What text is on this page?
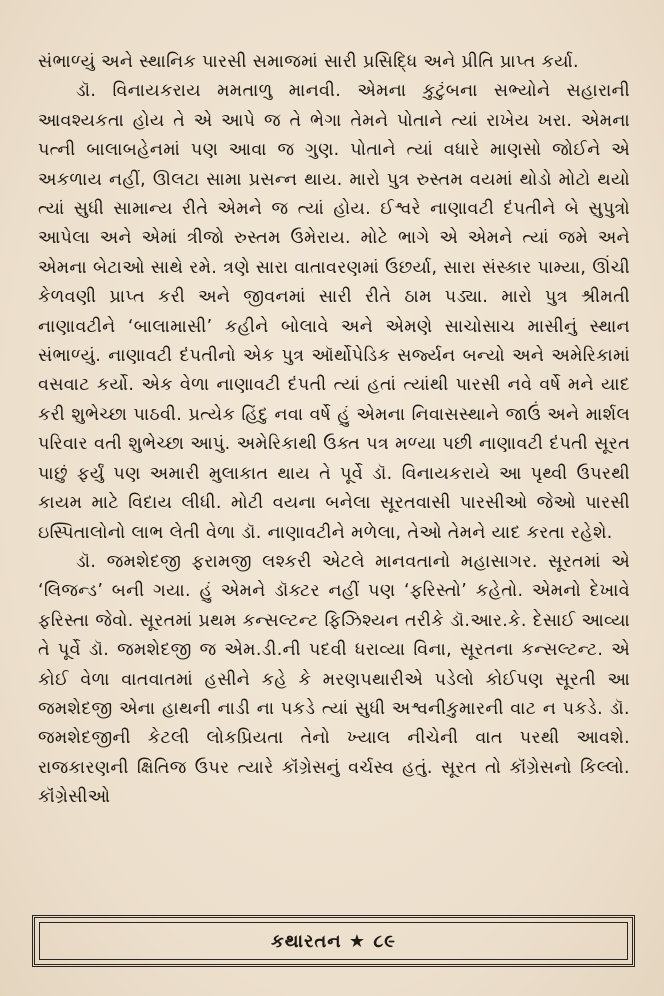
સંભાળ્યું અને સ્થાનિક પારસી સમાજમાં સારી પ્રસિદ્ધિ અને પ્રીતિ પ્રાપ્ત કર્યા.

ડૉ. વિનાયકરાય મમતાળુ માનવી. એમના કુટુંબના સભ્યોને સહારાની આવશ્યકતા હોય તે એ આપે જ તે ભેગા તેમને પોતાને ત્યાં રાખેય ખરા. એમના પત્ની બાલાબહેનમાં પણ આવા જ ગુણ. પોતાને ત્યાં વધારે માણસો જોઈને એ અકળાય નહીં, ઊલટા સામા પ્રસન્ન થાય. મારો પુત્ર રુસ્તમ વયમાં થોડો મોટો થયો ત્યાં સુધી સામાન્ય રીતે એમને જ ત્યાં હોય. ઈશ્વરે નાણાવટી દંપતીને બે સુપુત્રો આપેલા અને એમાં ત્રીજો રુસ્તમ ઉમેરાય. મોટે ભાગે એ એમને ત્યાં જમે અને એમના બેટાઓ સાથે રમે. ત્રણે સારા વાતાવરણમાં ઉછર્યા, સારા સંસ્કાર પામ્યા, ઊંચી કેળવણી પ્રાપ્ત કરી અને જીવનમાં સારી રીતે ઠામ પડ્યા. મારો પુત્ર શ્રીમતી નાણાવટીને ‘બાલામાસી’ કહીને બોલાવે અને એમણે સાચોસાચ માસીનું સ્થાન સંભાળ્યું. નાણાવટી દંપતીનો એક પુત્ર ઑર્થોપેડિક સર્જ્યન બન્યો અને અમેરિકામાં વસવાટ કર્યો. એક વેળા નાણાવટી દંપતી ત્યાં હતાં ત્યાંથી પારસી નવે વર્ષે મને યાદ કરી શુભેચ્છા પાઠવી. પ્રત્યેક હિંદુ નવા વર્ષે હું એમના નિવાસસ્થાને જાઉં અને માર્શલ પરિવાર વતી શુભેચ્છા આપું. અમેરિકાથી ઉક્ત પત્ર મળ્યા પછી નાણાવટી દંપતી સૂરત પાછું ફર્યું પણ અમારી મુલાકાત થાય તે પૂર્વે ડૉ. વિનાયકરાયે આ પૃથ્વી ઉપરથી કાયમ માટે વિદાય લીધી. મોટી વયના બનેલા સૂરતવાસી પારસીઓ જેઓ પારસી ઇસ્પિતાલોનો લાભ લેતી વેળા ડૉ. નાણાવટીને મળેલા, તેઓ તેમને યાદ કરતા રહેશે.

ડૉ. જમશેદજી ફરામજી લશ્કરી એટલે માનવતાનો મહાસાગર. સૂરતમાં એ ‘લિજન્ડ’ બની ગયા. હું એમને ડૉક્ટર નહીં પણ ‘ફરિસ્તો’ કહેતો. એમનો દેખાવે ફરિસ્તા જેવો. સૂરતમાં પ્રથમ કન્સલ્ટન્ટ ફિઝિશ્યન તરીકે ડૉ.આર.કે. દેસાઈ આવ્યા તે પૂર્વે ડૉ. જમશેદજી જ એમ.ડી.ની પદવી ધરાવ્યા વિના, સૂરતના કન્સલ્ટન્ટ. એ કોઈ વેળા વાતવાતમાં હસીને કહે કે મરણપથારીએ પડેલો કોઈપણ સૂરતી આ જમશેદજી એના હાથની નાડી ના પકડે ત્યાં સુધી અશ્વનીકુમારની વાટ ન પકડે. ડૉ. જમશેદજીની કેટલી લોકપ્રિયતા તેનો ખ્યાલ નીચેની વાત પરથી આવશે. રાજકારણની ક્ષિતિજ ઉપર ત્યારે કૉંગ્રેસનું વર્ચસ્વ હતું. સૂરત તો કૉંગ્રેસનો કિલ્લો. કૉંગ્રેસીઓ

કથારતન ★ ૮૯
